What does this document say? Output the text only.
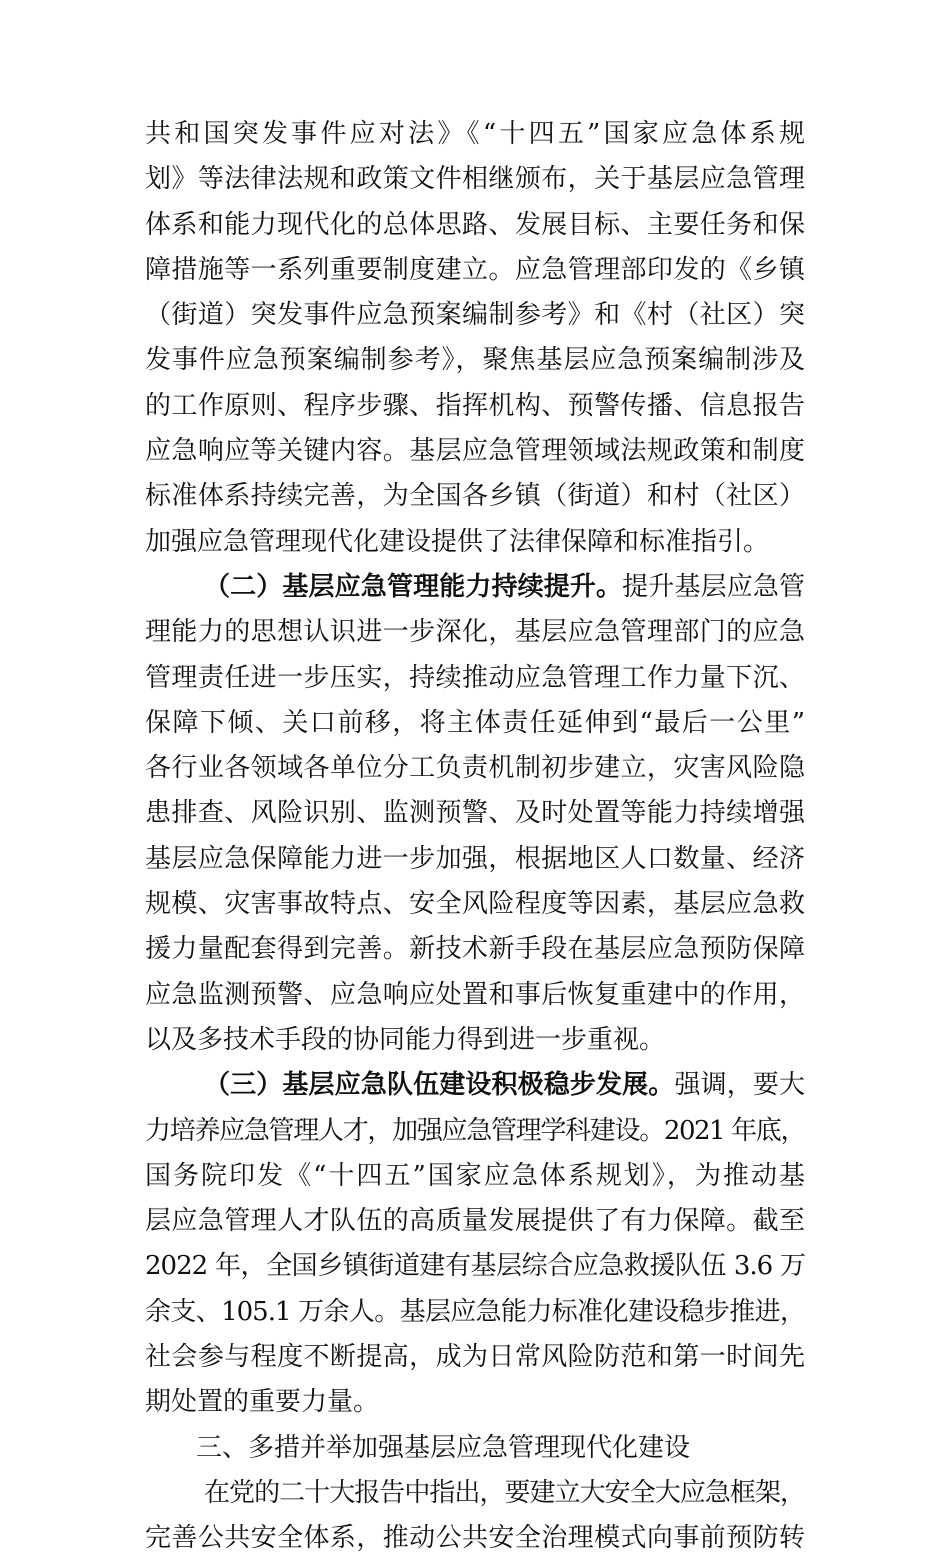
共和国突发事件应对法》《“十四五”国家应急体系规
划》等法律法规和政策文件相继颁布，关于基层应急管理
体系和能力现代化的总体思路、发展目标、主要任务和保
障措施等一系列重要制度建立。应急管理部印发的《乡镇
（街道）突发事件应急预案编制参考》和《村（社区）突
发事件应急预案编制参考》，聚焦基层应急预案编制涉及
的工作原则、程序步骤、指挥机构、预警传播、信息报告
应急响应等关键内容。基层应急管理领域法规政策和制度
标准体系持续完善，为全国各乡镇（街道）和村（社区）
加强应急管理现代化建设提供了法律保障和标准指引。
（二）基层应急管理能力持续提升。提升基层应急管
理能力的思想认识进一步深化，基层应急管理部门的应急
管理责任进一步压实，持续推动应急管理工作力量下沉、
保障下倾、关口前移，将主体责任延伸到“最后一公里”
各行业各领域各单位分工负责机制初步建立，灾害风险隐
患排查、风险识别、监测预警、及时处置等能力持续增强
基层应急保障能力进一步加强，根据地区人口数量、经济
规模、灾害事故特点、安全风险程度等因素，基层应急救
援力量配套得到完善。新技术新手段在基层应急预防保障
应急监测预警、应急响应处置和事后恢复重建中的作用，
以及多技术手段的协同能力得到进一步重视。
（三）基层应急队伍建设积极稳步发展。强调，要大
力培养应急管理人才，加强应急管理学科建设。2021 年底，
国务院印发《“十四五”国家应急体系规划》，为推动基
层应急管理人才队伍的高质量发展提供了有力保障。截至
2022 年，全国乡镇街道建有基层综合应急救援队伍 3.6 万
余支、105.1 万余人。基层应急能力标准化建设稳步推进，
社会参与程度不断提高，成为日常风险防范和第一时间先
期处置的重要力量。
三、多措并举加强基层应急管理现代化建设
在党的二十大报告中指出，要建立大安全大应急框架，
完善公共安全体系，推动公共安全治理模式向事前预防转
